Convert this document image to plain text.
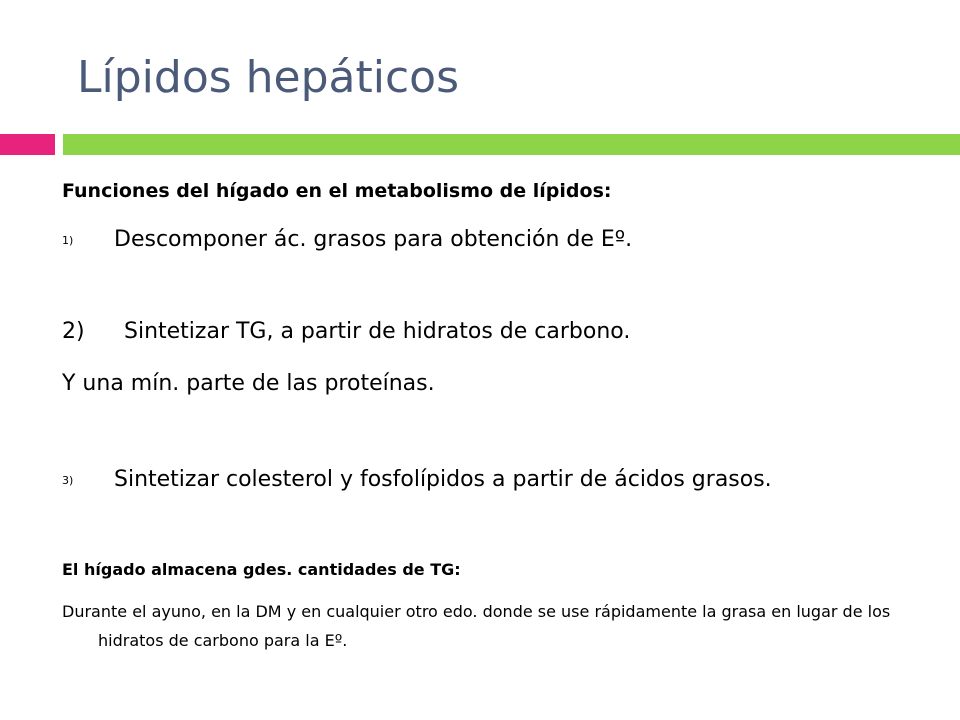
Lípidos hepáticos

Funciones del hígado en el metabolismo de lípidos:

1) Descomponer ác. grasos para obtención de Eº.

2) Sintetizar TG, a partir de hidratos de carbono.

Y una mín. parte de las proteínas.

3) Sintetizar colesterol y fosfolípidos a partir de ácidos grasos.

El hígado almacena gdes. cantidades de TG:

Durante el ayuno, en la DM y en cualquier otro edo. donde se use rápidamente la grasa en lugar de los hidratos de carbono para la Eº.
